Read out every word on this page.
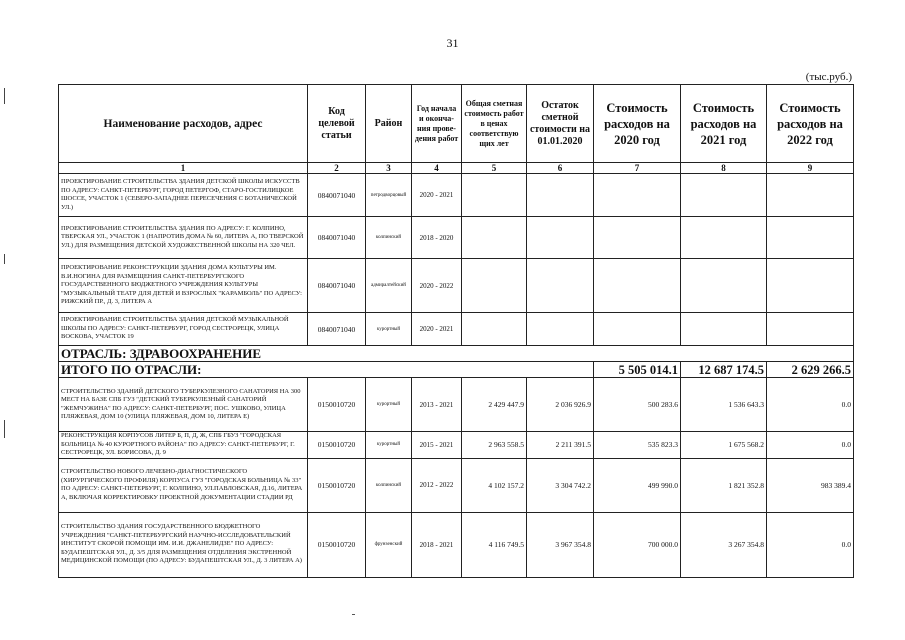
31
(тыс.руб.)
Наименование расходов, адрес	Код целевой статьи	Район	Год начала и оконча-ния прове-дения работ	Общая сметная стоимость работ в ценах соответствую щих лет	Остаток сметной стоимости на 01.01.2020	Стоимость расходов на 2020 год	Стоимость расходов на 2021 год	Стоимость расходов на 2022 год
1	2	3	4	5	6	7	8	9
ПРОЕКТИРОВАНИЕ СТРОИТЕЛЬСТВА ЗДАНИЯ ДЕТСКОЙ ШКОЛЫ ИСКУССТВ ПО АДРЕСУ: САНКТ-ПЕТЕРБУРГ, ГОРОД ПЕТЕРГОФ, СТАРО-ГОСТИЛИЦКОЕ ШОССЕ, УЧАСТОК 1 (СЕВЕРО-ЗАПАДНЕЕ ПЕРЕСЕЧЕНИЯ С БОТАНИЧЕСКОЙ УЛ.)	0840071040	петродворцовый	2020 - 2021					
ПРОЕКТИРОВАНИЕ СТРОИТЕЛЬСТВА ЗДАНИЯ ПО АДРЕСУ: Г. КОЛПИНО, ТВЕРСКАЯ УЛ., УЧАСТОК 1 (НАПРОТИВ ДОМА № 60, ЛИТЕРА А, ПО ТВЕРСКОЙ УЛ.) ДЛЯ РАЗМЕЩЕНИЯ ДЕТСКОЙ ХУДОЖЕСТВЕННОЙ ШКОЛЫ НА 320 ЧЕЛ.	0840071040	колпинский	2018 - 2020					
ПРОЕКТИРОВАНИЕ РЕКОНСТРУКЦИИ ЗДАНИЯ ДОМА КУЛЬТУРЫ ИМ. В.И.НОГИНА ДЛЯ РАЗМЕЩЕНИЯ САНКТ-ПЕТЕРБУРГСКОГО ГОСУДАРСТВЕННОГО БЮДЖЕТНОГО УЧРЕЖДЕНИЯ КУЛЬТУРЫ "МУЗЫКАЛЬНЫЙ ТЕАТР ДЛЯ ДЕТЕЙ И ВЗРОСЛЫХ "КАРАМБОЛЬ" ПО АДРЕСУ: РИЖСКИЙ ПР., Д. 3, ЛИТЕРА А	0840071040	адмиралтейский	2020 - 2022					
ПРОЕКТИРОВАНИЕ СТРОИТЕЛЬСТВА ЗДАНИЯ ДЕТСКОЙ МУЗЫКАЛЬНОЙ ШКОЛЫ ПО АДРЕСУ: САНКТ-ПЕТЕРБУРГ, ГОРОД СЕСТРОРЕЦК, УЛИЦА ВОСКОВА, УЧАСТОК 19	0840071040	курортный	2020 - 2021					
ОТРАСЛЬ: ЗДРАВООХРАНЕНИЕ								
ИТОГО ПО ОТРАСЛИ:						5 505 014.1	12 687 174.5	2 629 266.5
СТРОИТЕЛЬСТВО ЗДАНИЙ ДЕТСКОГО ТУБЕРКУЛЕЗНОГО САНАТОРИЯ НА 300 МЕСТ НА БАЗЕ СПБ ГУЗ "ДЕТСКИЙ ТУБЕРКУЛЕЗНЫЙ САНАТОРИЙ "ЖЕМЧУЖИНА" ПО АДРЕСУ: САНКТ-ПЕТЕРБУРГ, ПОС. УШКОВО, УЛИЦА ПЛЯЖЕВАЯ, ДОМ 10 (УЛИЦА ПЛЯЖЕВАЯ, ДОМ 10, ЛИТЕРА Е)	0150010720	курортный	2013 - 2021	2 429 447.9	2 036 926.9	500 283.6	1 536 643.3	0.0
РЕКОНСТРУКЦИЯ КОРПУСОВ ЛИТЕР Б, П, Д, Ж, СПБ ГБУЗ "ГОРОДСКАЯ БОЛЬНИЦА № 40 КУРОРТНОГО РАЙОНА" ПО АДРЕСУ: САНКТ-ПЕТЕРБУРГ, Г. СЕСТРОРЕЦК, УЛ. БОРИСОВА, Д. 9	0150010720	курортный	2015 - 2021	2 963 558.5	2 211 391.5	535 823.3	1 675 568.2	0.0
СТРОИТЕЛЬСТВО НОВОГО ЛЕЧЕБНО-ДИАГНОСТИЧЕСКОГО (ХИРУРГИЧЕСКОГО ПРОФИЛЯ) КОРПУСА ГУЗ "ГОРОДСКАЯ БОЛЬНИЦА № 33" ПО АДРЕСУ: САНКТ-ПЕТЕРБУРГ, Г. КОЛПИНО, УЛ.ПАВЛОВСКАЯ, Д.16, ЛИТЕРА А, ВКЛЮЧАЯ КОРРЕКТИРОВКУ ПРОЕКТНОЙ ДОКУМЕНТАЦИИ СТАДИИ РД	0150010720	колпинский	2012 - 2022	4 102 157.2	3 304 742.2	499 990.0	1 821 352.8	983 389.4
СТРОИТЕЛЬСТВО ЗДАНИЯ ГОСУДАРСТВЕННОГО БЮДЖЕТНОГО УЧРЕЖДЕНИЯ "САНКТ-ПЕТЕРБУРГСКИЙ НАУЧНО-ИССЛЕДОВАТЕЛЬСКИЙ ИНСТИТУТ СКОРОЙ ПОМОЩИ ИМ. И.И. ДЖАНЕЛИДЗЕ" ПО АДРЕСУ: БУДАПЕШТСКАЯ УЛ., Д. 3/5 ДЛЯ РАЗМЕЩЕНИЯ ОТДЕЛЕНИЯ ЭКСТРЕННОЙ МЕДИЦИНСКОЙ ПОМОЩИ (ПО АДРЕСУ: БУДАПЕШТСКАЯ УЛ., Д. 3 ЛИТЕРА А)	0150010720	фрунзенский	2018 - 2021	4 116 749.5	3 967 354.8	700 000.0	3 267 354.8	0.0
